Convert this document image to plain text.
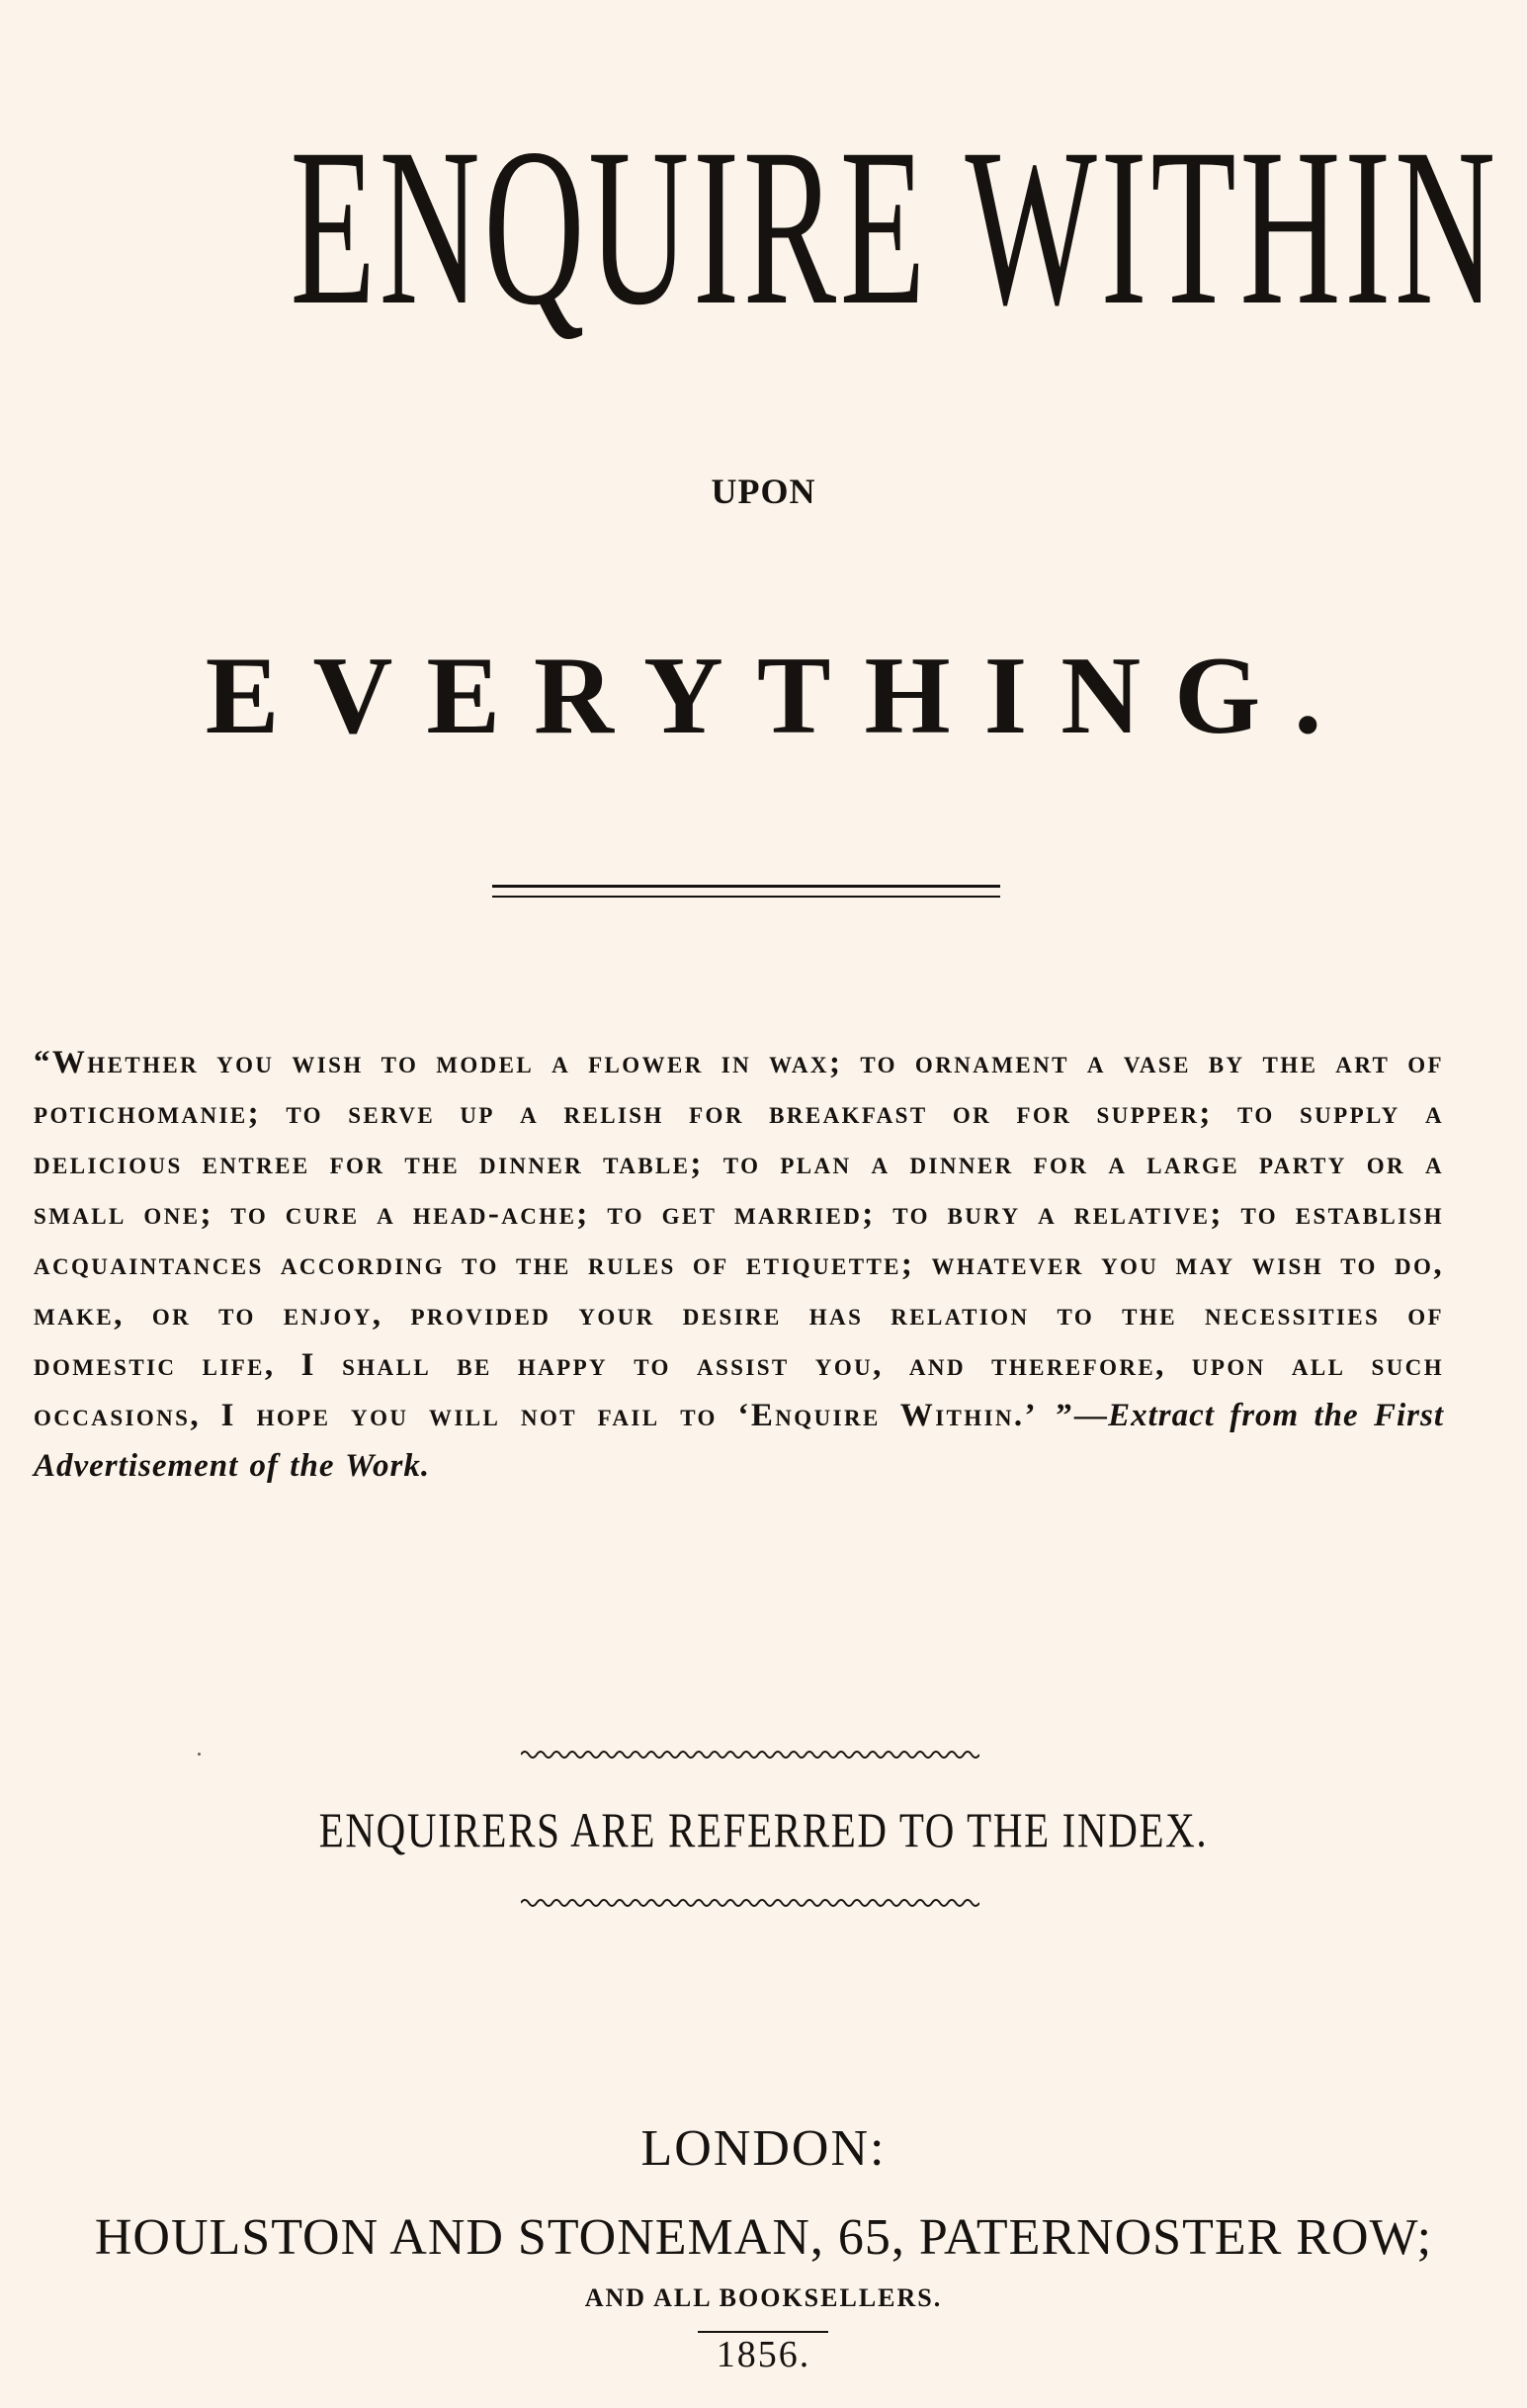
ENQUIRE WITHIN
UPON
EVERYTHING.
“Whether you wish to model a flower in wax; to ornament a vase by the art of potichomanie; to serve up a relish for breakfast or for supper; to supply a delicious entree for the dinner table; to plan a dinner for a large party or a small one; to cure a head-ache; to get married; to bury a relative; to establish acquaintances according to the rules of etiquette; whatever you may wish to do, make, or to enjoy, provided your desire has relation to the necessities of domestic life, I shall be happy to assist you, and therefore, upon all such occasions, I hope you will not fail to ‘Enquire Within.’ ”—Extract from the First Advertisement of the Work.
ENQUIRERS ARE REFERRED TO THE INDEX.
LONDON:
HOULSTON AND STONEMAN, 65, PATERNOSTER ROW;
AND ALL BOOKSELLERS.
1856.
